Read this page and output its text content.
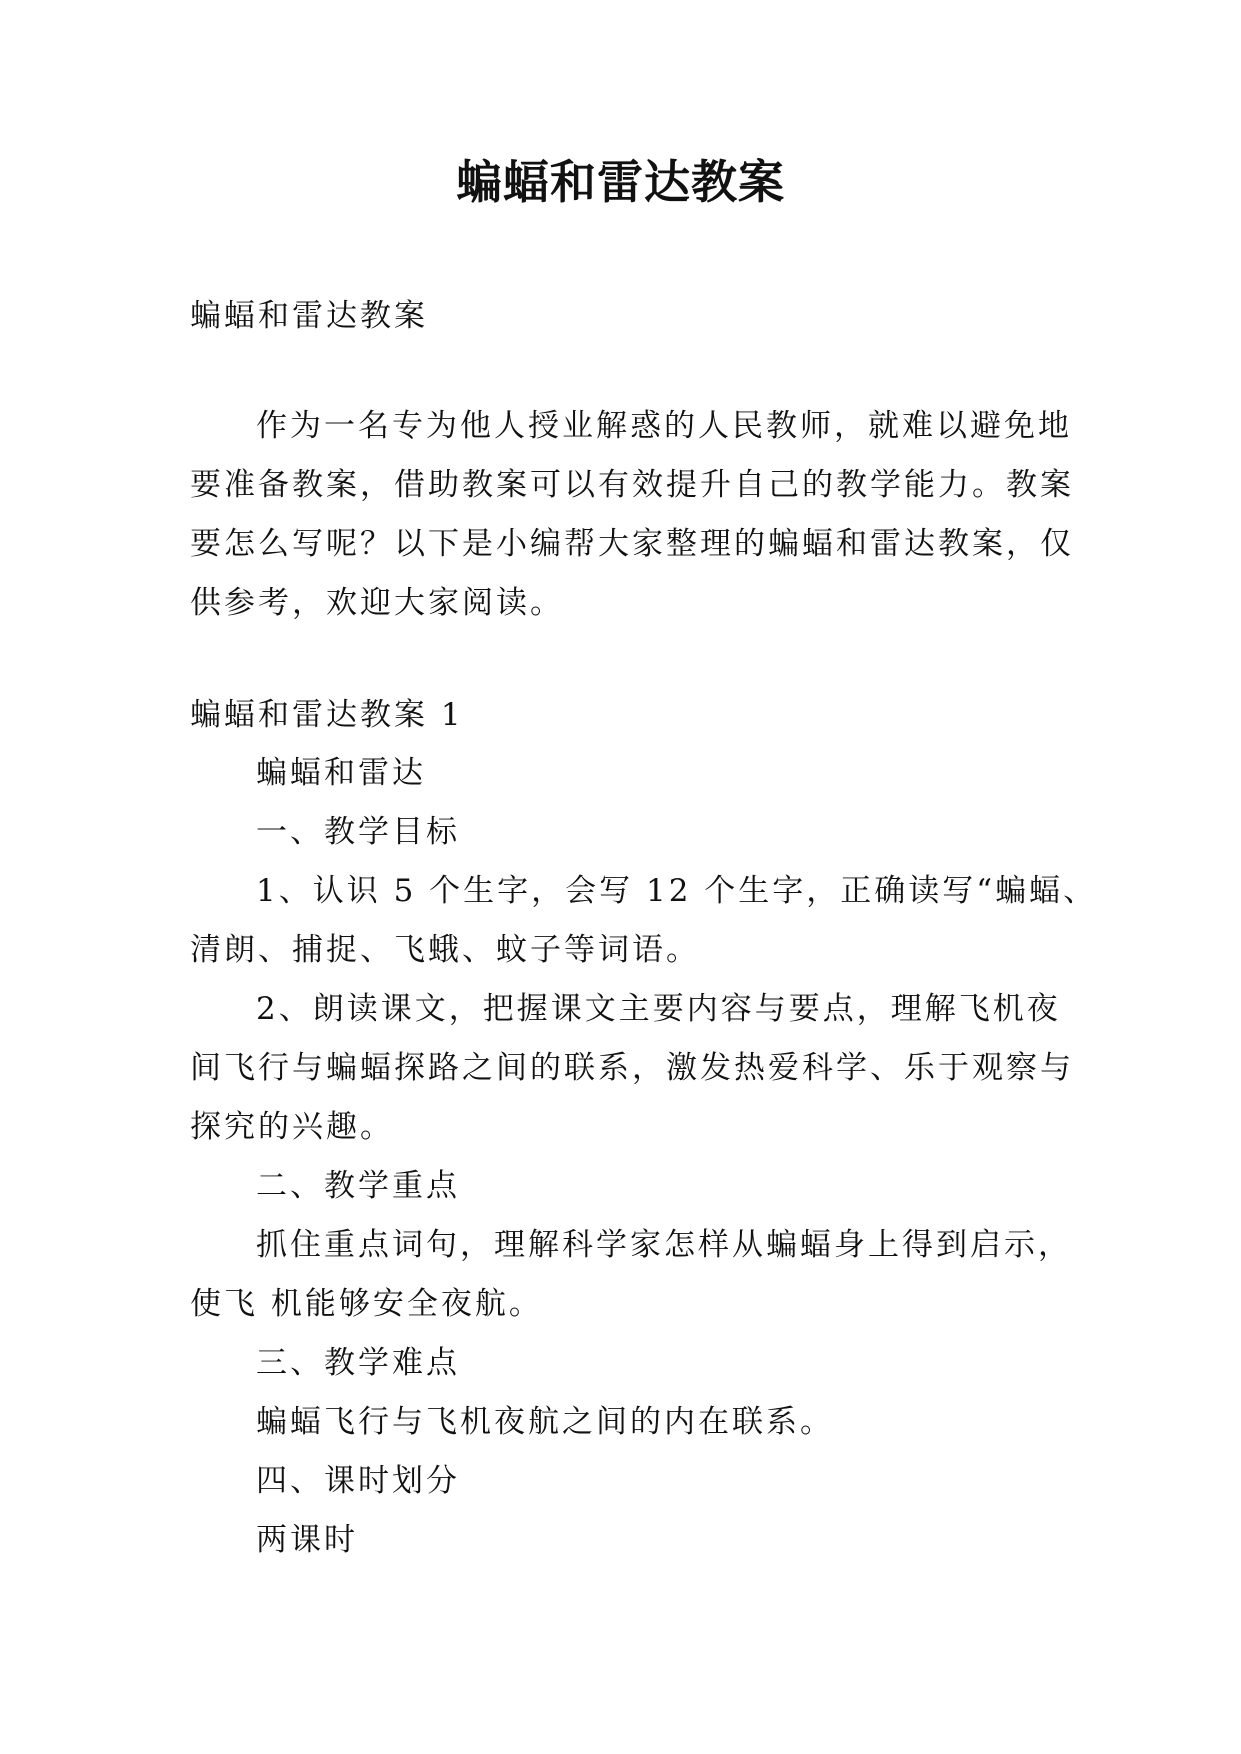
蝙蝠和雷达教案
蝙蝠和雷达教案
作为一名专为他人授业解惑的人民教师，就难以避免地
要准备教案，借助教案可以有效提升自己的教学能力。教案
要怎么写呢？以下是小编帮大家整理的蝙蝠和雷达教案，仅
供参考，欢迎大家阅读。
蝙蝠和雷达教案 1
蝙蝠和雷达
一、教学目标
1、认识 5 个生字，会写 12 个生字，正确读写“蝙蝠、
清朗、捕捉、飞蛾、蚊子等词语。
2、朗读课文，把握课文主要内容与要点，理解飞机夜
间飞行与蝙蝠探路之间的联系，激发热爱科学、乐于观察与
探究的兴趣。
二、教学重点
抓住重点词句，理解科学家怎样从蝙蝠身上得到启示，
使飞 机能够安全夜航。
三、教学难点
蝙蝠飞行与飞机夜航之间的内在联系。
四、课时划分
两课时
